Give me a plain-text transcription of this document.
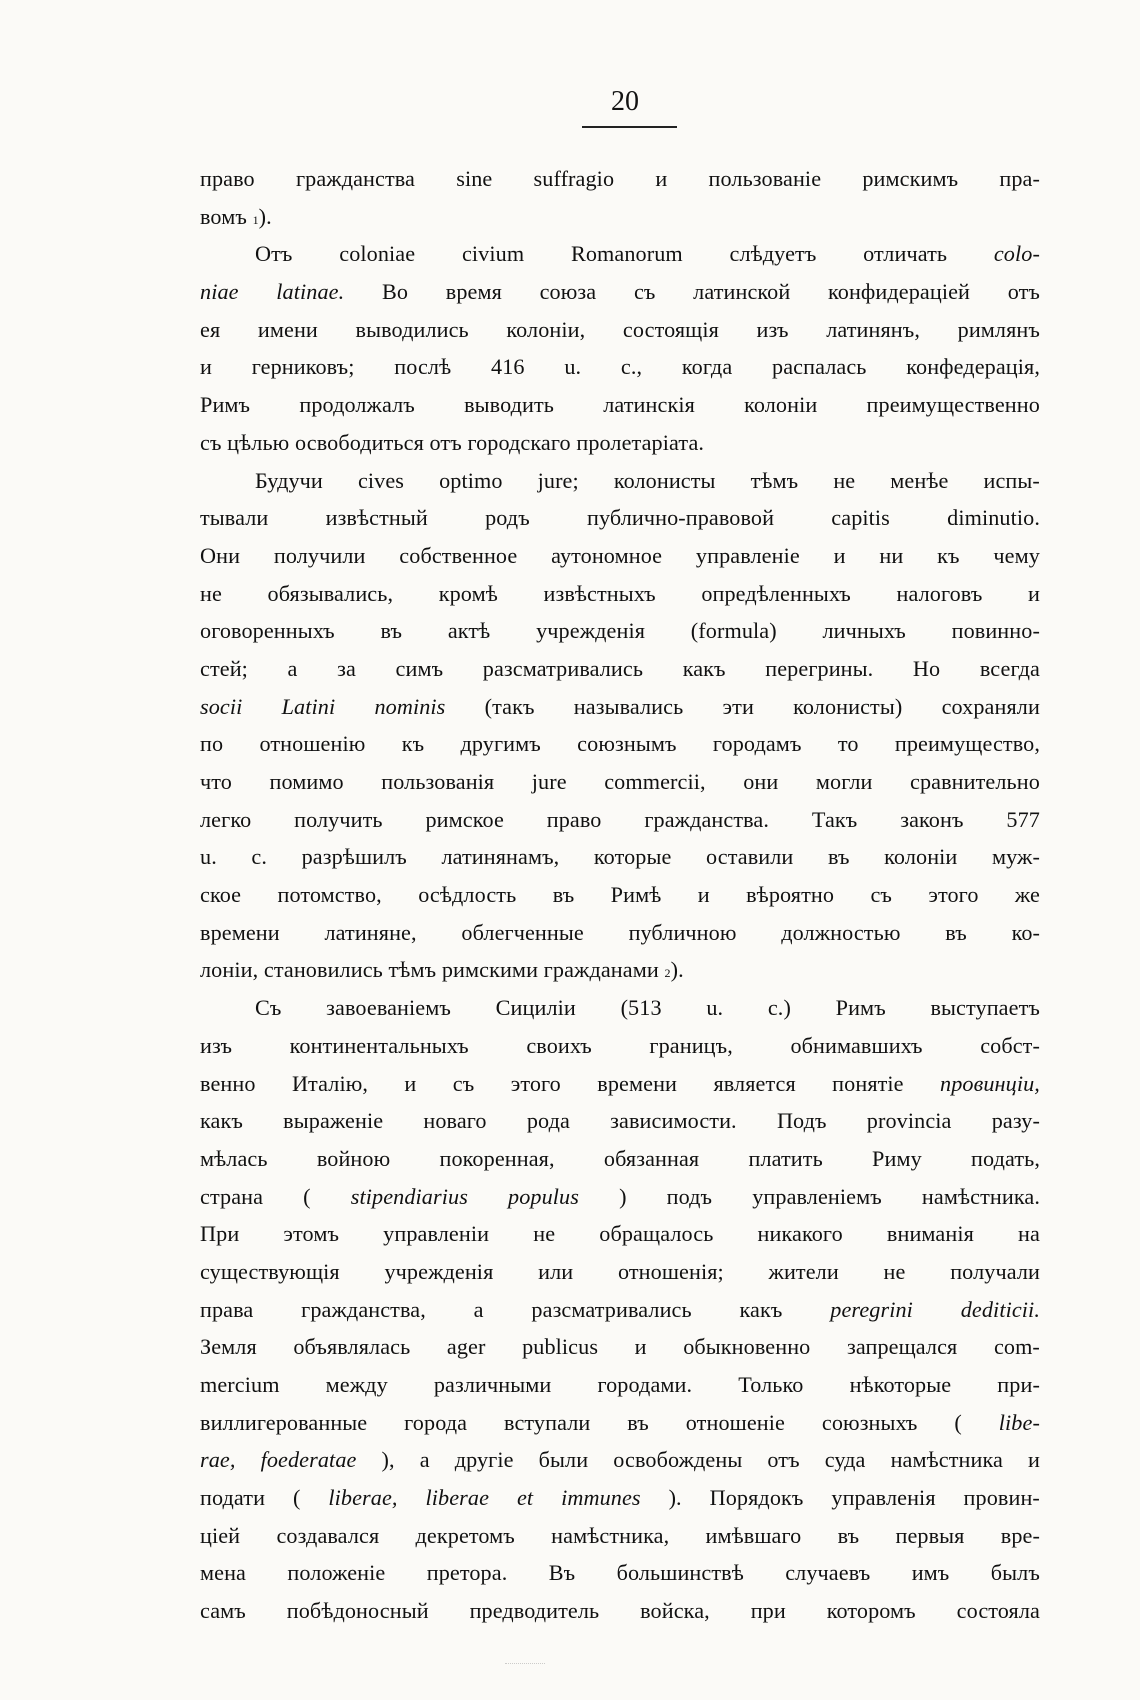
20
право гражданства sine suffragio и пользованіе римскимъ пра-
вомъ 1 ).
Отъ coloniae civium Romanorum слѣдуетъ отличать colo-
niae latinae. Во время союза съ латинской конфидераціей отъ
ея имени выводились колоніи, состоящія изъ латинянъ, римлянъ
и герниковъ; послѣ 416 u. c., когда распалась конфедерація,
Римъ продолжалъ выводить латинскія колоніи преимущественно
съ цѣлью освободиться отъ городскаго пролетаріата.
Будучи cives optimo jure; колонисты тѣмъ не менѣе испы-
тывали	извѣстный	родъ	публично-правовой	capitis	diminutio.
Они получили собственное аутономное управленіе и ни къ чему
не обязывались, кромѣ извѣстныхъ опредѣленныхъ налоговъ и
оговоренныхъ въ актѣ учрежденія (formula) личныхъ повинно-
стей; а за симъ разсматривались какъ перегрины. Но всегда
socii Latini nominis (такъ назывались эти колонисты) сохраняли
по отношенію къ другимъ союзнымъ городамъ то преимущество,
что помимо пользованія jure commercii, они могли сравнительно
легко получить римское право гражданства. Такъ законъ 577
u. c. разрѣшилъ латинянамъ, которые оставили въ колоніи муж-
ское потомство, осѣдлость въ Римѣ и вѣроятно съ этого же
времени латиняне, облегченные публичною должностью въ ко-
лоніи, становились тѣмъ римскими гражданами 2 ).
Съ завоеваніемъ Сициліи (513 u. c.) Римъ выступаетъ
изъ	континентальныхъ	своихъ	границъ,	обнимавшихъ	собст-
венно Италію, и съ этого времени является понятіе провинціи,
какъ выраженіе новаго рода зависимости. Подъ provincia разу-
мѣлась войною покоренная, обязанная платить Риму подать,
страна ( stipendiarius populus ) подъ управленіемъ намѣстника.
При этомъ управленіи не обращалось никакого вниманія на
существующія учрежденія или отношенія; жители не получали
права гражданства, а разсматривались какъ peregrini dediticii.
Земля объявлялась ager publicus и обыкновенно запрещался com-
mercium между различными городами. Только нѣкоторые при-
виллигерованные города вступали въ отношеніе союзныхъ ( libe-
rae, foederatae ), а другіе были освобождены отъ суда намѣстника и
подати ( liberae, liberae et immunes ). Порядокъ управленія провин-
ціей создавался декретомъ намѣстника, имѣвшаго въ первыя вре-
мена положеніе претора. Въ большинствѣ случаевъ имъ былъ
самъ побѣдоносный предводитель войска, при которомъ состояла
